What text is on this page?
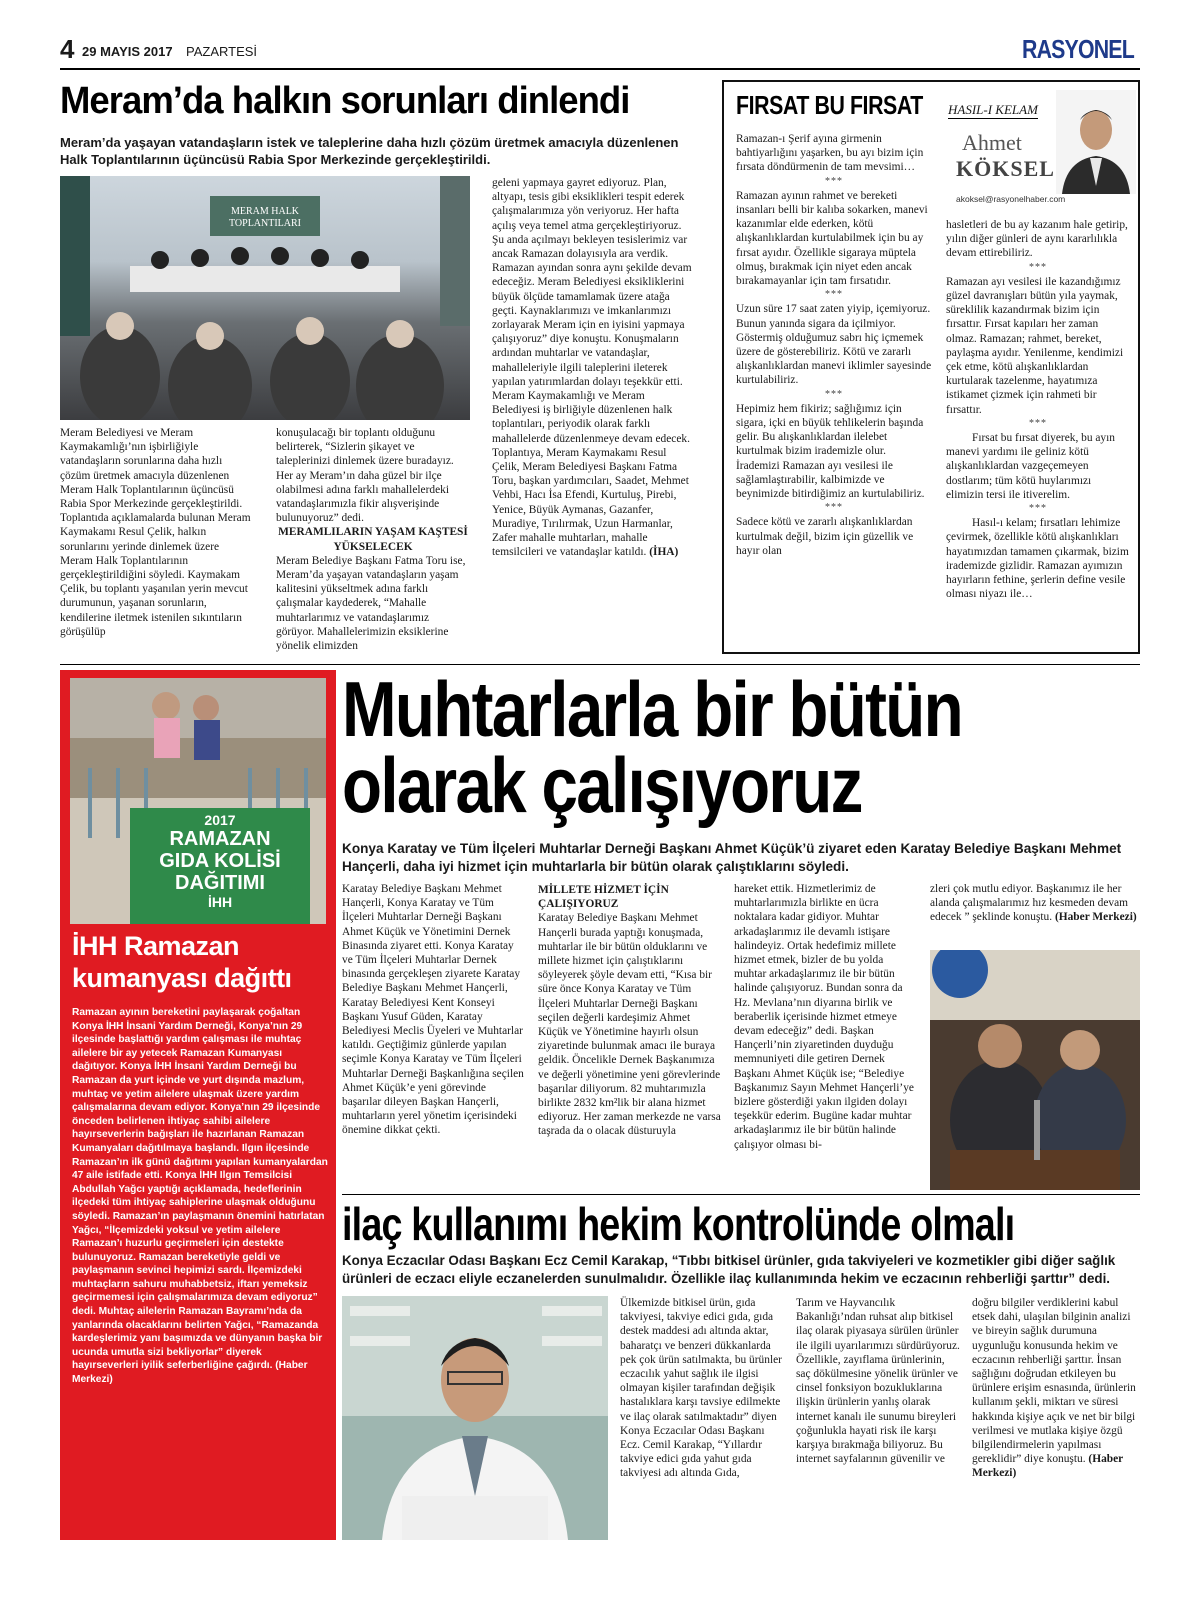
4 29 MAYIS 2017 PAZARTESİ	RASYONEL
Meram’da halkın sorunları dinlendi
Meram’da yaşayan vatandaşların istek ve taleplerine daha hızlı çözüm üretmek amacıyla düzenlenen Halk Toplantılarının üçüncüsü Rabia Spor Merkezinde gerçekleştirildi.
MERAM HALK TOPLANTILARI

Meram Belediyesi ve Meram Kaymakamlığı’nın işbirliğiyle vatandaşların sorunlarına daha hızlı çözüm üretmek amacıyla düzenlenen Meram Halk Toplantılarının üçüncüsü Rabia Spor Merkezinde gerçekleştirildi. Toplantıda açıklamalarda bulunan Meram Kaymakamı Resul Çelik, halkın sorunlarını yerinde dinlemek üzere Meram Halk Toplantılarının gerçekleştirildiğini söyledi. Kaymakam Çelik, bu toplantı yaşanılan yerin mevcut durumunun, yaşanan sorunların, kendilerine iletmek istenilen sıkıntıların görüşülüp

konuşulacağı bir toplantı olduğunu belirterek, “Sizlerin şikayet ve taleplerinizi dinlemek üzere buradayız. Her ay Meram’ın daha güzel bir ilçe olabilmesi adına farklı mahallelerdeki vatandaşlarımızla fikir alışverişinde bulunuyoruz” dedi.

MERAMLILARIN YAŞAM KAŞTESİ YÜKSELECEK

Meram Belediye Başkanı Fatma Toru ise, Meram’da yaşayan vatandaşların yaşam kalitesini yükseltmek adına farklı çalışmalar kaydederek, “Mahalle muhtarlarımız ve vatandaşlarımız görüyor. Mahallelerimizin eksiklerine yönelik elimizden

geleni yapmaya gayret ediyoruz. Plan, altyapı, tesis gibi eksiklikleri tespit ederek çalışmalarımıza yön veriyoruz. Her hafta açılış veya temel atma gerçekleştiriyoruz. Şu anda açılmayı bekleyen tesislerimiz var ancak Ramazan dolayısıyla ara verdik. Ramazan ayından sonra aynı şekilde devam edeceğiz. Meram Belediyesi eksikliklerini büyük ölçüde tamamlamak üzere atağa geçti. Kaynaklarımızı ve imkanlarımızı zorlayarak Meram için en iyisini yapmaya çalışıyoruz” diye konuştu. Konuşmaların ardından muhtarlar ve vatandaşlar, mahalleleriyle ilgili taleplerini ileterek yapılan yatırımlardan dolayı teşekkür etti. Meram Kaymakamlığı ve Meram Belediyesi iş birliğiyle düzenlenen halk toplantıları, periyodik olarak farklı mahallelerde düzenlenmeye devam edecek. Toplantıya, Meram Kaymakamı Resul Çelik, Meram Belediyesi Başkanı Fatma Toru, başkan yardımcıları, Saadet, Mehmet Vehbi, Hacı İsa Efendi, Kurtuluş, Pirebi, Yenice, Büyük Aymanas, Gazanfer, Muradiye, Tırılırmak, Uzun Harmanlar, Zafer mahalle muhtarları, mahalle temsilcileri ve vatandaşlar katıldı. (İHA)

FIRSAT BU FIRSAT HASIL-I KELAM
Ahmet
KÖKSEL
akoksel@rasyonelhaber.com

Ramazan-ı Şerif ayına girmenin bahtiyarlığını yaşarken, bu ayı bizim için fırsata döndürmenin de tam mevsimi…

***

Ramazan ayının rahmet ve bereketi insanları belli bir kalıba sokarken, manevi kazanımlar elde ederken, kötü alışkanlıklardan kurtulabilmek için bu ay fırsat ayıdır. Özellikle sigaraya müptela olmuş, bırakmak için niyet eden ancak bırakamayanlar için tam fırsatıdır.

***

Uzun süre 17 saat zaten yiyip, içemiyoruz. Bunun yanında sigara da içilmiyor. Göstermiş olduğumuz sabrı hiç içmemek üzere de gösterebiliriz. Kötü ve zararlı alışkanlıklardan manevi iklimler sayesinde kurtulabiliriz.

***

Hepimiz hem fikiriz; sağlığımız için sigara, içki en büyük tehlikelerin başında gelir. Bu alışkanlıklardan ilelebet kurtulmak bizim irademizle olur. İrademizi Ramazan ayı vesilesi ile sağlamlaştırabilir, kalbimizde ve beynimizde bitirdiğimiz an kurtulabiliriz.

***

Sadece kötü ve zararlı alışkanlıklardan kurtulmak değil, bizim için güzellik ve hayır olan

hasletleri de bu ay kazanım hale getirip, yılın diğer günleri de aynı kararlılıkla devam ettirebiliriz.

***

Ramazan ayı vesilesi ile kazandığımız güzel davranışları bütün yıla yaymak, süreklilik kazandırmak bizim için fırsattır. Fırsat kapıları her zaman olmaz. Ramazan; rahmet, bereket, paylaşma ayıdır. Yenilenme, kendimizi çek etme, kötü alışkanlıklardan kurtularak tazelenme, hayatımıza istikamet çizmek için rahmeti bir fırsattır.

***

Fırsat bu fırsat diyerek, bu ayın manevi yardımı ile geliniz kötü alışkanlıklardan vazgeçemeyen dostlarım; tüm kötü huylarımızı elimizin tersi ile itiverelim.

***

Hasıl-ı kelam; fırsatları lehimize çevirmek, özellikle kötü alışkanlıkları hayatımızdan tamamen çıkarmak, bizim irademizde gizlidir. Ramazan ayımızın hayırların fethine, şerlerin define vesile olması niyazı ile…

2017
RAMAZAN
GIDA KOLİSİ
DAĞITIMI
İHH
İHH Ramazan kumanyası dağıttı
Ramazan ayının bereketini paylaşarak çoğaltan Konya İHH İnsani Yardım Derneği, Konya’nın 29 ilçesinde başlattığı yardım çalışması ile muhtaç ailelere bir ay yetecek Ramazan Kumanyası dağıtıyor. Konya İHH İnsani Yardım Derneği bu Ramazan da yurt içinde ve yurt dışında mazlum, muhtaç ve yetim ailelere ulaşmak üzere yardım çalışmalarına devam ediyor. Konya’nın 29 ilçesinde önceden belirlenen ihtiyaç sahibi ailelere hayırseverlerin bağışları ile hazırlanan Ramazan Kumanyaları dağıtılmaya başlandı. Ilgın ilçesinde Ramazan’ın ilk günü dağıtımı yapılan kumanyalardan 47 aile istifade etti. Konya İHH Ilgın Temsilcisi Abdullah Yağcı yaptığı açıklamada, hedeflerinin ilçedeki tüm ihtiyaç sahiplerine ulaşmak olduğunu söyledi. Ramazan’ın paylaşmanın önemini hatırlatan Yağcı, “İlçemizdeki yoksul ve yetim ailelere Ramazan’ı huzurlu geçirmeleri için destekte bulunuyoruz. Ramazan bereketiyle geldi ve paylaşmanın sevinci hepimizi sardı. İlçemizdeki muhtaçların sahuru muhabbetsiz, iftarı yemeksiz geçirmemesi için çalışmalarımıza devam ediyoruz” dedi. Muhtaç ailelerin Ramazan Bayramı’nda da yanlarında olacaklarını belirten Yağcı, “Ramazanda kardeşlerimiz yanı başımızda ve dünyanın başka bir ucunda umutla sizi bekliyorlar” diyerek hayırseverleri iyilik seferberliğine çağırdı. (Haber Merkezi)
Muhtarlarla bir bütün
olarak çalışıyoruz
Konya Karatay ve Tüm İlçeleri Muhtarlar Derneği Başkanı Ahmet Küçük’ü ziyaret eden Karatay Belediye Başkanı Mehmet Hançerli, daha iyi hizmet için muhtarlarla bir bütün olarak çalıştıklarını söyledi.

Karatay Belediye Başkanı Mehmet Hançerli, Konya Karatay ve Tüm İlçeleri Muhtarlar Derneği Başkanı Ahmet Küçük ve Yönetimini Dernek Binasında ziyaret etti. Konya Karatay ve Tüm İlçeleri Muhtarlar Dernek binasında gerçekleşen ziyarete Karatay Belediye Başkanı Mehmet Hançerli, Karatay Belediyesi Kent Konseyi Başkanı Yusuf Güden, Karatay Belediyesi Meclis Üyeleri ve Muhtarlar katıldı. Geçtiğimiz günlerde yapılan seçimle Konya Karatay ve Tüm İlçeleri Muhtarlar Derneği Başkanlığına seçilen Ahmet Küçük’e yeni görevinde başarılar dileyen Başkan Hançerli, muhtarların yerel yönetim içerisindeki önemine dikkat çekti.

MİLLETE HİZMET İÇİN ÇALIŞIYORUZ

Karatay Belediye Başkanı Mehmet Hançerli burada yaptığı konuşmada, muhtarlar ile bir bütün olduklarını ve milletе hizmet için çalıştıklarını söyleyerek şöyle devam etti, “Kısa bir süre önce Konya Karatay ve Tüm İlçeleri Muhtarlar Derneği Başkanı seçilen değerli kardeşimiz Ahmet Küçük ve Yönetimine hayırlı olsun ziyaretinde bulunmak amacı ile buraya geldik. Öncelikle Dernek Başkanımıza ve değerli yönetimine yeni görevlerinde başarılar diliyorum. 82 muhtarımızla birlikte 2832 km²lik bir alana hizmet ediyoruz. Her zaman merkezde ne varsa taşrada da o olacak düsturuyla

hareket ettik. Hizmetlerimiz de muhtarlarımızla birlikte en ücra noktalara kadar gidiyor. Muhtar arkadaşlarımız ile devamlı istişare halindeyiz. Ortak hedefimiz millete hizmet etmek, bizler de bu yolda muhtar arkadaşlarımız ile bir bütün halinde çalışıyoruz. Bundan sonra da Hz. Mevlana’nın diyarına birlik ve beraberlik içerisinde hizmet etmeye devam edeceğiz” dedi. Başkan Hançerli’nin ziyaretinden duyduğu memnuniyeti dile getiren Dernek Başkanı Ahmet Küçük ise; “Belediye Başkanımız Sayın Mehmet Hançerli’ye bizlere gösterdiği yakın ilgiden dolayı teşekkür ederim. Bugüne kadar muhtar arkadaşlarımız ile bir bütün halinde çalışıyor olması bi-

zleri çok mutlu ediyor. Başkanımız ile her alanda çalışmalarımız hız kesmeden devam edecek ” şeklinde konuştu. (Haber Merkezi)

ilaç kullanımı hekim kontrolünde olmalı
Konya Eczacılar Odası Başkanı Ecz Cemil Karakap, “Tıbbı bitkisel ürünler, gıda takviyeleri ve kozmetikler gibi diğer sağlık ürünleri de eczacı eliyle eczanelerden sunulmalıdır. Özellikle ilaç kullanımında hekim ve eczacının rehberliği şarttır” dedi.

Ülkemizde bitkisel ürün, gıda takviyesi, takviye edici gıda, gıda destek maddesi adı altında aktar, baharatçı ve benzeri dükkanlarda pek çok ürün satılmakta, bu ürünler eczacılık yahut sağlık ile ilgisi olmayan kişiler tarafından değişik hastalıklara karşı tavsiye edilmekte ve ilaç olarak satılmaktadır” diyen Konya Eczacılar Odası Başkanı Ecz. Cemil Karakap, “Yıllardır takviye edici gıda yahut gıda takviyesi adı altında Gıda,

Tarım ve Hayvancılık Bakanlığı’ndan ruhsat alıp bitkisel ilaç olarak piyasaya sürülen ürünler ile ilgili uyarılarımızı sürdürüyoruz. Özellikle, zayıflama ürünlerinin, saç dökülmesine yönelik ürünler ve cinsel fonksiyon bozukluklarına ilişkin ürünlerin yanlış olarak internet kanalı ile sunumu bireyleri çoğunlukla hayati risk ile karşı karşıya bırakmağa biliyoruz. Bu internet sayfalarının güvenilir ve

doğru bilgiler verdiklerini kabul etsek dahi, ulaşılan bilginin analizi ve bireyin sağlık durumuna uygunluğu konusunda hekim ve eczacının rehberliği şarttır. İnsan sağlığını doğrudan etkileyen bu ürünlere erişim esnasında, ürünlerin kullanım şekli, miktarı ve süresi hakkında kişiye açık ve net bir bilgi verilmesi ve mutlaka kişiye özgü bilgilendirmelerin yapılması gereklidir” diye konuştu. (Haber Merkezi)
